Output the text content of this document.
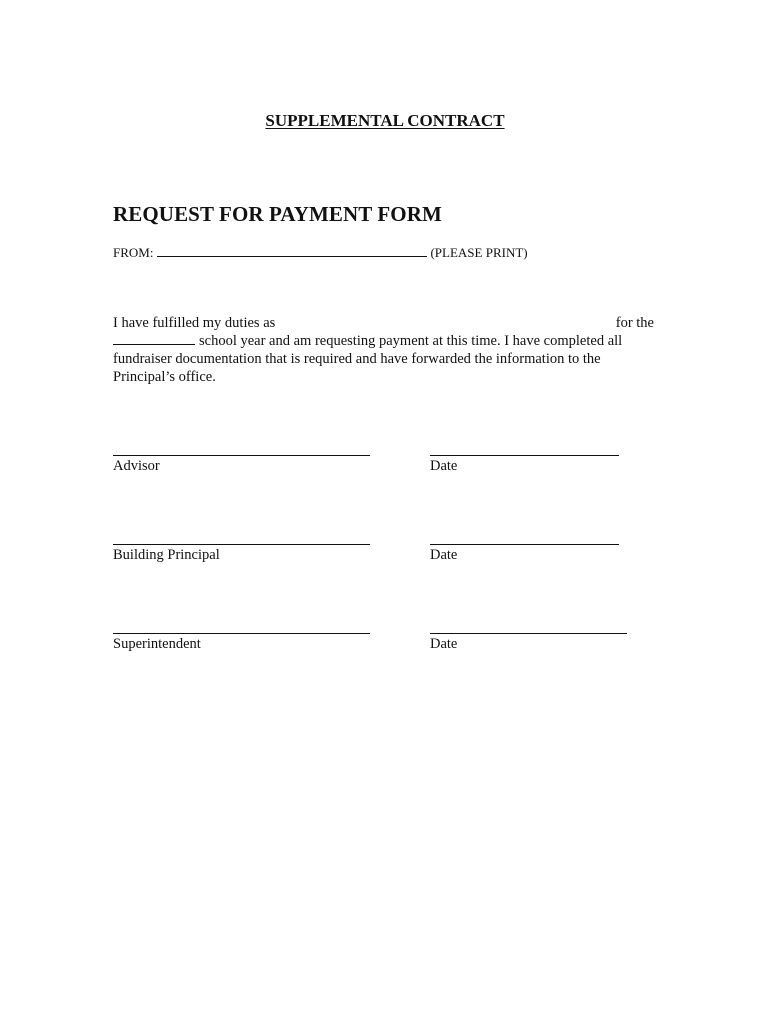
SUPPLEMENTAL CONTRACT
REQUEST FOR PAYMENT FORM
FROM:	(PLEASE PRINT)
I have fulfilled my duties as	for the
school year and am requesting payment at this time. I have completed all
fundraiser documentation that is required and have forwarded the information to the
Principal’s office.
Advisor	Date
Building Principal	Date
Superintendent	Date
